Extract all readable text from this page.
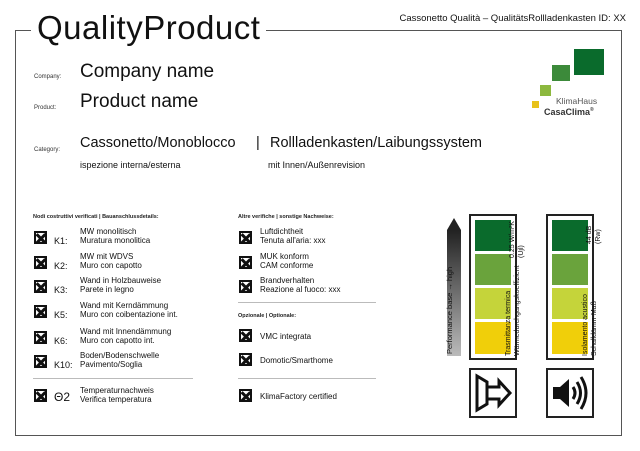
QualityProduct	Cassonetto Qualità – QualitätsRollladenkasten ID: XX
Company: Company name
Product: Product name
Category: Cassonetto/Monoblocco | Rollladenkasten/Laibungssystem
ispezione interna/esterna	mit Innen/Außenrevision
KlimaHaus
CasaClima®
Nodi costruttivi verificati | Bauanschlussdetails:
K1:
MW monolitisch
Muratura monolitica
K2:
MW mit WDVS
Muro con capotto
K3:
Wand in Holzbauweise
Parete in legno
K5:
Wand mit Kerndämmung
Muro con coibentazione int.
K6:
Wand mit Innendämmung
Muro con capotto int.
K10:
Boden/Bodenschwelle
Pavimento/Soglia
Θ2 Temperaturnachweis
Verifica temperatura
Altre verifiche | sonstige Nachweise:
Luftdichtheit
Tenuta all'aria: xxx
MUK konform
CAM conforme
Brandverhalten
Reazione al fuoco: xxx
Opzionale | Optionale:
VMC integrata
Domotic/Smarthome
KlimaFactory certified
Performance base → high	Trasmittanza termica Wärmedurchgangskoeffizient
0.25 W/m²K (Ujl)
Isolamento acustico Schalldämm-Maß
44 dB (Rw)
